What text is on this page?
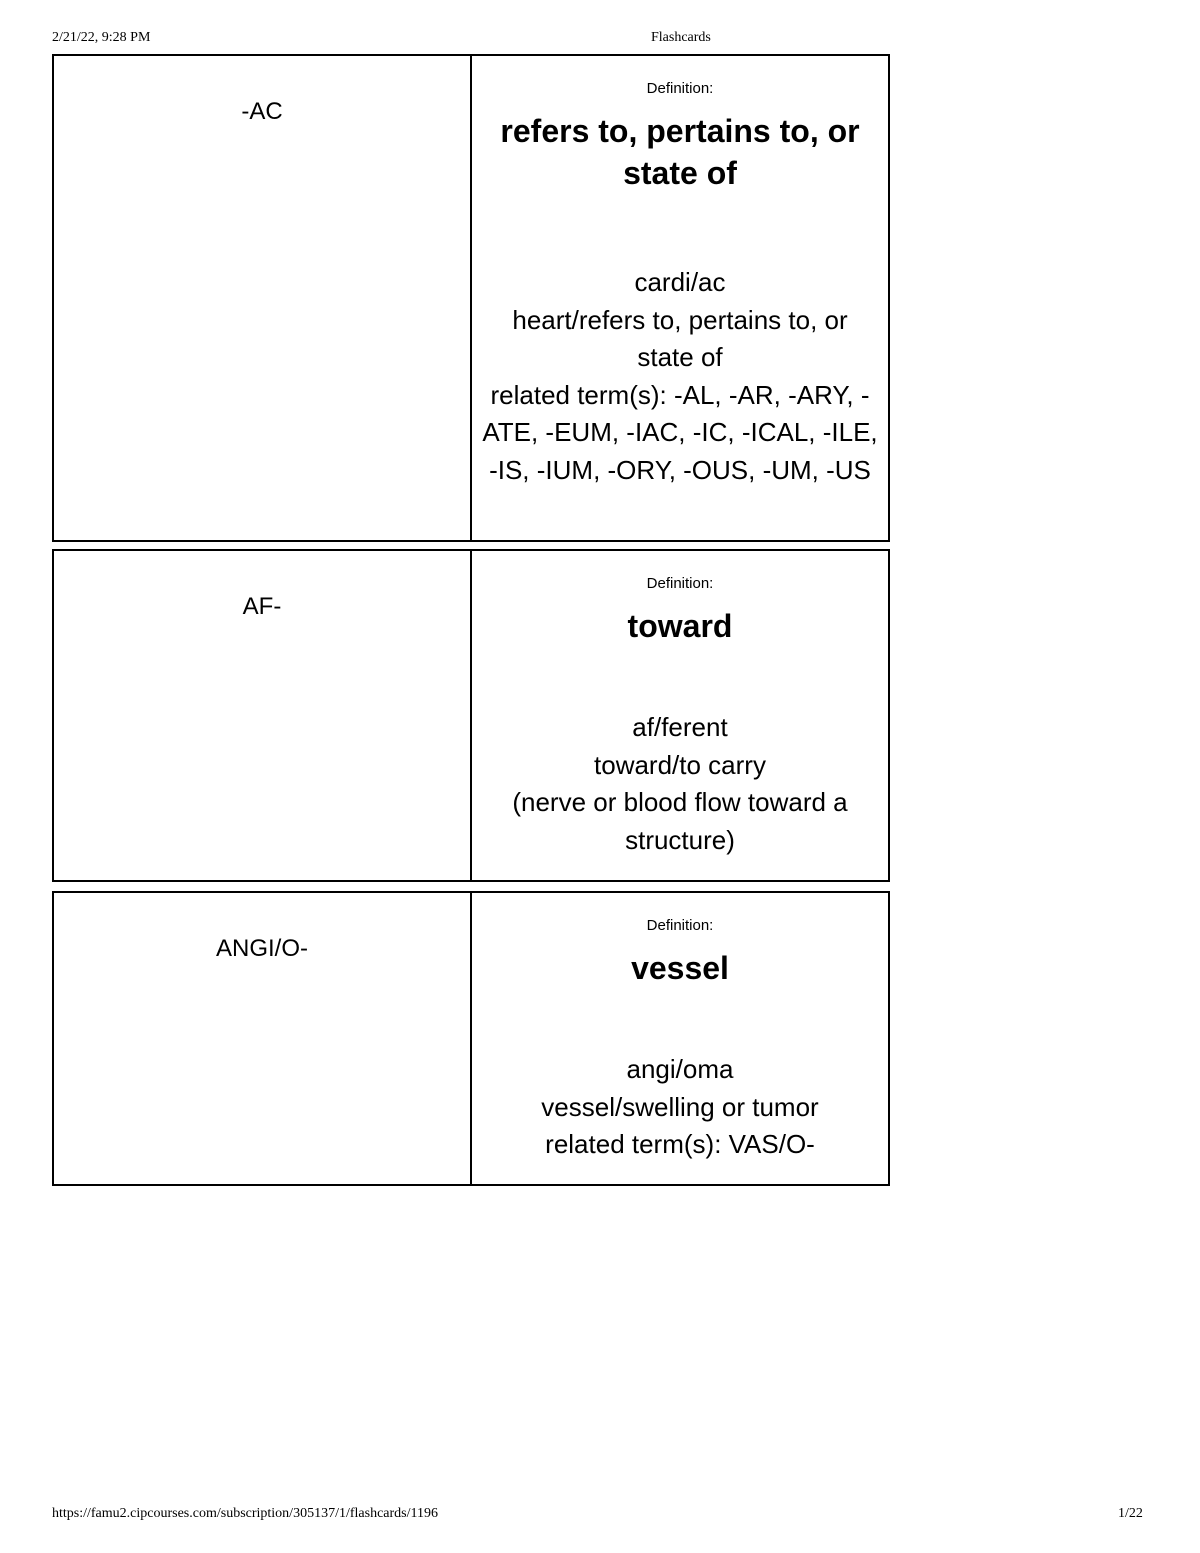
2/21/22, 9:28 PM	Flashcards
-AC
Definition:
refers to, pertains to, or state of
cardi/ac
heart/refers to, pertains to, or state of
related term(s): -AL, -AR, -ARY, -ATE, -EUM, -IAC, -IC, -ICAL, -ILE, -IS, -IUM, -ORY, -OUS, -UM, -US
AF-
Definition:
toward
af/ferent
toward/to carry
(nerve or blood flow toward a structure)
ANGI/O-
Definition:
vessel
angi/oma
vessel/swelling or tumor
related term(s): VAS/O-
https://famu2.cipcourses.com/subscription/305137/1/flashcards/1196	1/22
